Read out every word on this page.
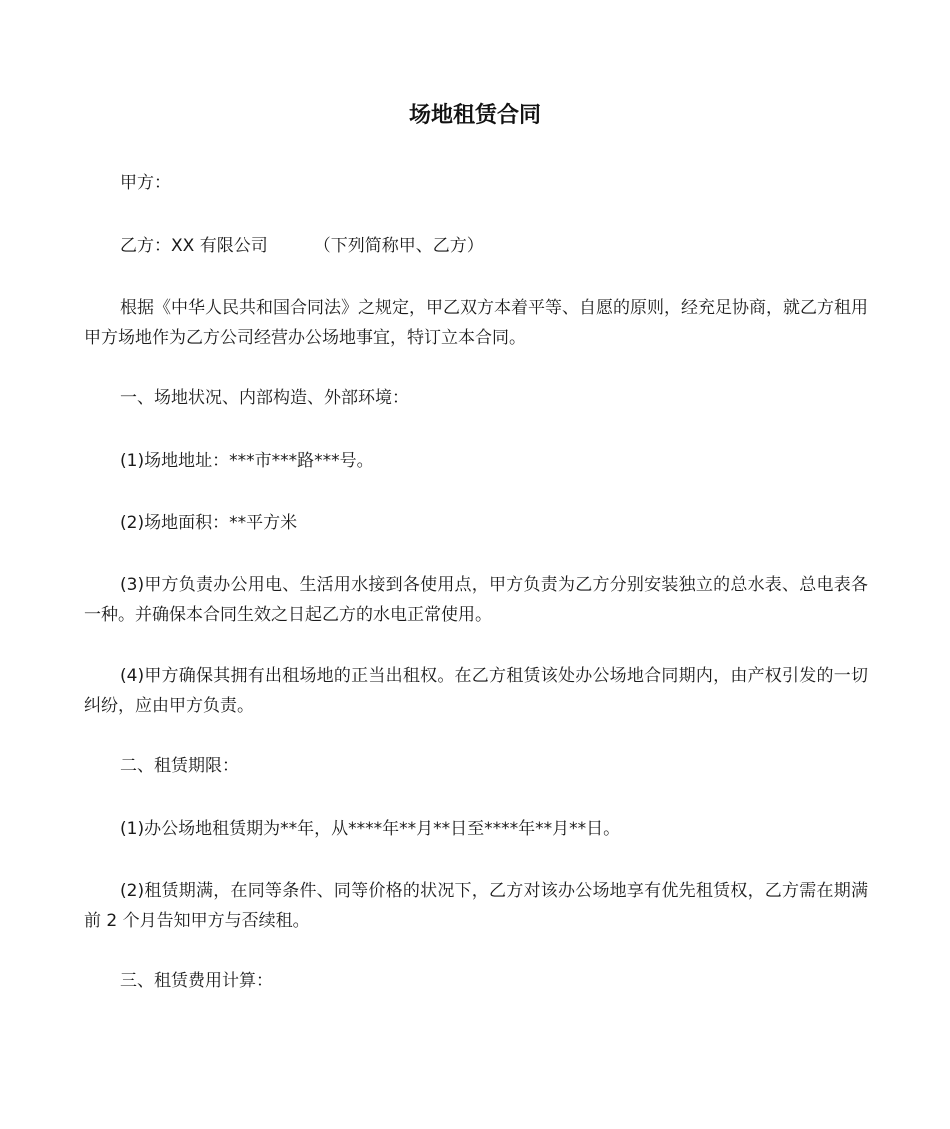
场地租赁合同
甲方：
乙方：XX 有限公司	（下列简称甲、乙方）
根据《中华人民共和国合同法》之规定，甲乙双方本着平等、自愿的原则，经充足协商，就乙方租用甲方场地作为乙方公司经营办公场地事宜，特订立本合同。
一、场地状况、内部构造、外部环境：
(1)场地地址：***市***路***号。
(2)场地面积：**平方米
(3)甲方负责办公用电、生活用水接到各使用点，甲方负责为乙方分别安装独立的总水表、总电表各一种。并确保本合同生效之日起乙方的水电正常使用。
(4)甲方确保其拥有出租场地的正当出租权。在乙方租赁该处办公场地合同期内，由产权引发的一切纠纷，应由甲方负责。
二、租赁期限：
(1)办公场地租赁期为**年，从****年**月**日至****年**月**日。
(2)租赁期满，在同等条件、同等价格的状况下，乙方对该办公场地享有优先租赁权，乙方需在期满前 2 个月告知甲方与否续租。
三、租赁费用计算：
